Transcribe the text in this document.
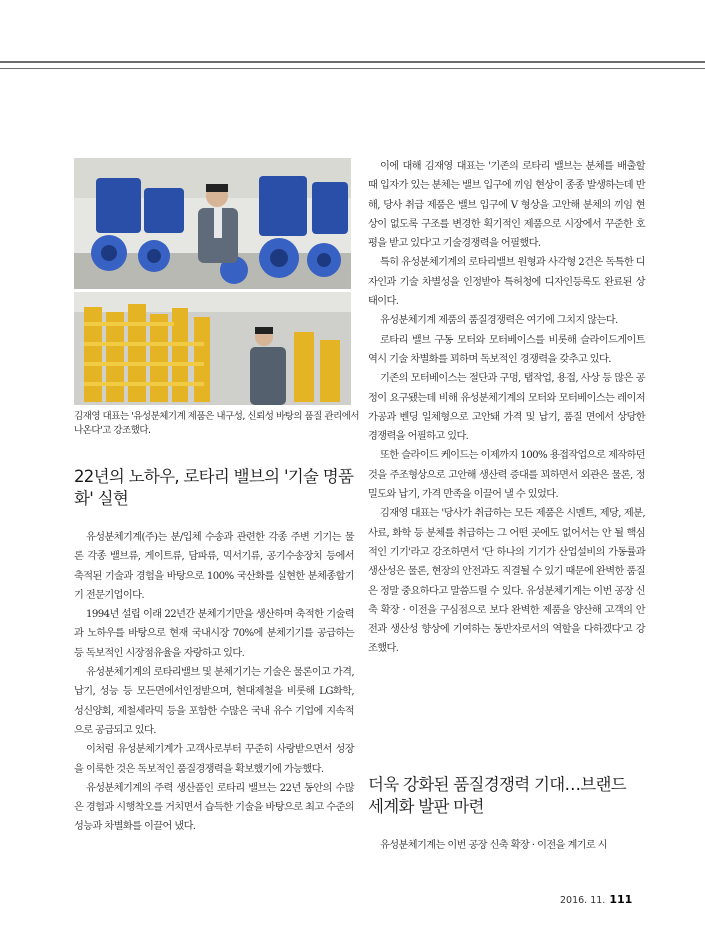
김재영 대표는 '유성분체기계 제품은 내구성, 신뢰성 바탕의 품질 관리에서 나온다'고 강조했다.
22년의 노하우, 로타리 밸브의 '기술 명품화' 실현

유성분체기계(주)는 분/입체 수송과 관련한 각종 주변 기기는 물론 각종 밸브류, 게이트류, 담파류, 믹서기류, 공기수송장치 등에서 축적된 기술과 경험을 바탕으로 100% 국산화를 실현한 분체종합기기 전문기업이다.

1994년 설립 이래 22년간 분체기기만을 생산하며 축적한 기술력과 노하우를 바탕으로 현재 국내시장 70%에 분체기기를 공급하는 등 독보적인 시장점유율을 자랑하고 있다.

유성분체기계의 로타리밸브 및 분체기기는 기술은 물론이고 가격, 납기, 성능 등 모든면에서인정받으며, 현대제철을 비롯해 LG화학, 성신양회, 제철세라믹 등을 포함한 수많은 국내 유수 기업에 지속적으로 공급되고 있다.

이처럼 유성분체기계가 고객사로부터 꾸준히 사랑받으면서 성장을 이룩한 것은 독보적인 품질경쟁력을 확보했기에 가능했다.

유성분체기계의 주력 생산품인 로타리 밸브는 22년 동안의 수많은 경험과 시행착오를 거치면서 습득한 기술을 바탕으로 최고 수준의 성능과 차별화를 이끌어 냈다.

이에 대해 김재영 대표는 '기존의 로타리 밸브는 분체를 배출할 때 입자가 있는 분체는 밸브 입구에 끼임 현상이 종종 발생하는데 반해, 당사 취급 제품은 밸브 입구에 V 형상을 고안해 분체의 끼임 현상이 없도록 구조를 변경한 획기적인 제품으로 시장에서 꾸준한 호평을 받고 있다'고 기술경쟁력을 어필했다.

특히 유성분체기계의 로타리밸브 원형과 사각형 2건은 독특한 디자인과 기술 차별성을 인정받아 특허청에 디자인등록도 완료된 상태이다.

유성분체기계 제품의 품질경쟁력은 여기에 그치지 않는다.

로타리 밸브 구동 모터와 모터베이스를 비롯해 슬라이드게이트 역시 기술 차별화를 꾀하며 독보적인 경쟁력을 갖추고 있다.

기존의 모터베이스는 절단과 구멍, 탭작업, 용접, 사상 등 많은 공정이 요구됐는데 비해 유성분체기계의 모터와 모터베이스는 레이저 가공과 벤딩 일체형으로 고안돼 가격 및 납기, 품질 면에서 상당한 경쟁력을 어필하고 있다.

또한 슬라이드 케이드는 이제까지 100% 용접작업으로 제작하던 것을 주조형상으로 고안해 생산력 증대를 꾀하면서 외관은 물론, 정밀도와 납기, 가격 만족을 이끌어 낼 수 있었다.

김재영 대표는 '당사가 취급하는 모든 제품은 시멘트, 제당, 제분, 사료, 화학 등 분체를 취급하는 그 어떤 곳에도 없어서는 안 될 핵심적인 기기'라고 강조하면서 '단 하나의 기기가 산업설비의 가동률과 생산성은 물론, 현장의 안전과도 직결될 수 있기 때문에 완벽한 품질은 정말 중요하다고 말씀드릴 수 있다. 유성분체기계는 이번 공장 신축 확장 · 이전을 구심점으로 보다 완벽한 제품을 양산해 고객의 안전과 생산성 향상에 기여하는 동반자로서의 역할을 다하겠다'고 강조했다.

더욱 강화된 품질경쟁력 기대…브랜드 세계화 발판 마련

유성분체기계는 이번 공장 신축 확장 · 이전을 계기로 시

2016. 11. 111
